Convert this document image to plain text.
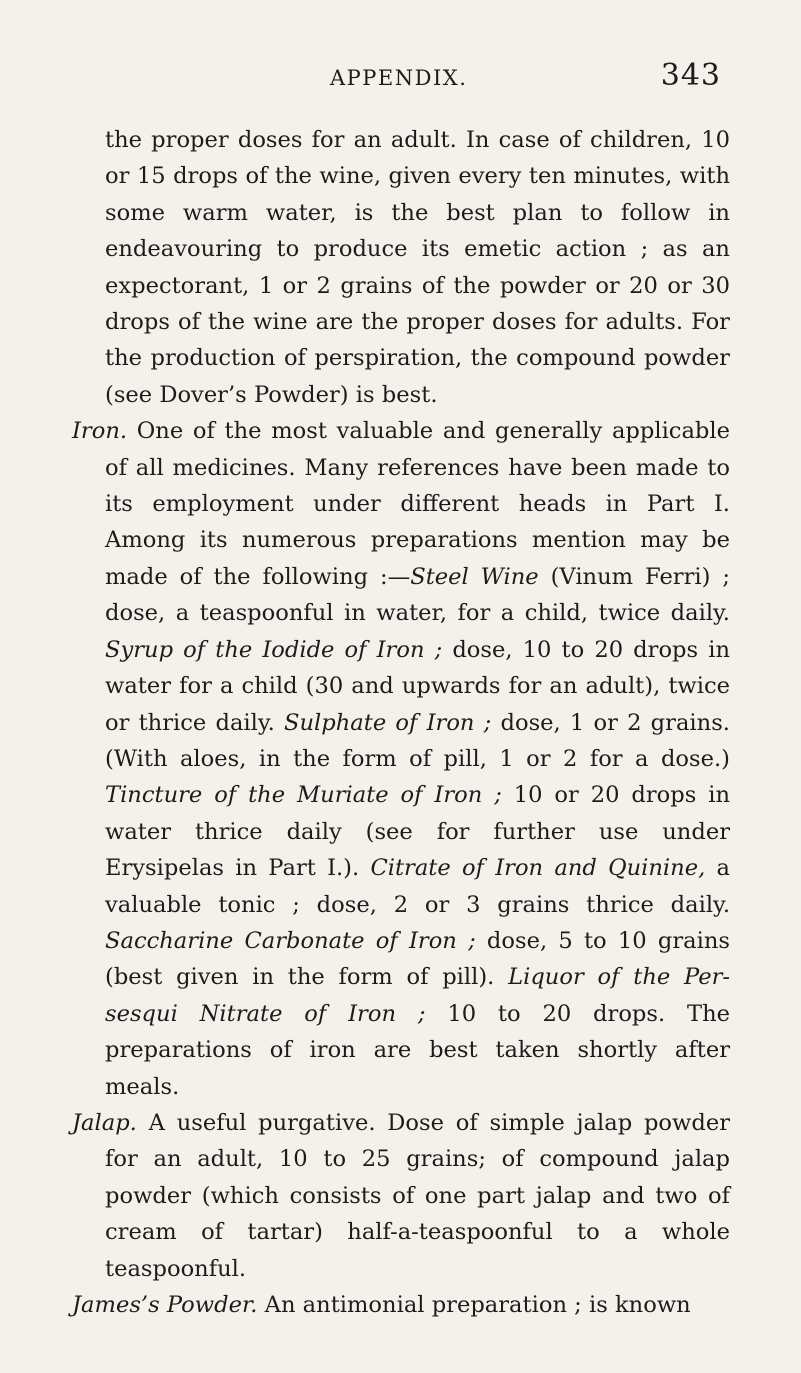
APPENDIX.	343

the proper doses for an adult. In case of children, 10 or 15 drops of the wine, given every ten minutes, with some warm water, is the best plan to follow in endeavouring to produce its emetic action ; as an expectorant, 1 or 2 grains of the powder or 20 or 30 drops of the wine are the proper doses for adults. For the production of perspiration, the compound powder (see Dover’s Powder) is best.

Iron. One of the most valuable and generally applicable of all medicines. Many references have been made to its employment under different heads in Part I. Among its numerous preparations mention may be made of the following :—Steel Wine (Vinum Ferri) ; dose, a teaspoonful in water, for a child, twice daily. Syrup of the Iodide of Iron ; dose, 10 to 20 drops in water for a child (30 and upwards for an adult), twice or thrice daily. Sulphate of Iron ; dose, 1 or 2 grains. (With aloes, in the form of pill, 1 or 2 for a dose.) Tincture of the Muriate of Iron ; 10 or 20 drops in water thrice daily (see for further use under Erysipelas in Part I.). Citrate of Iron and Quinine, a valuable tonic ; dose, 2 or 3 grains thrice daily. Saccharine Carbonate of Iron ; dose, 5 to 10 grains (best given in the form of pill). Liquor of the Per-sesqui Nitrate of Iron ; 10 to 20 drops. The preparations of iron are best taken shortly after meals.

Jalap. A useful purgative. Dose of simple jalap powder for an adult, 10 to 25 grains; of compound jalap powder (which consists of one part jalap and two of cream of tartar) half-a-teaspoonful to a whole teaspoonful.

James’s Powder. An antimonial preparation ; is known
